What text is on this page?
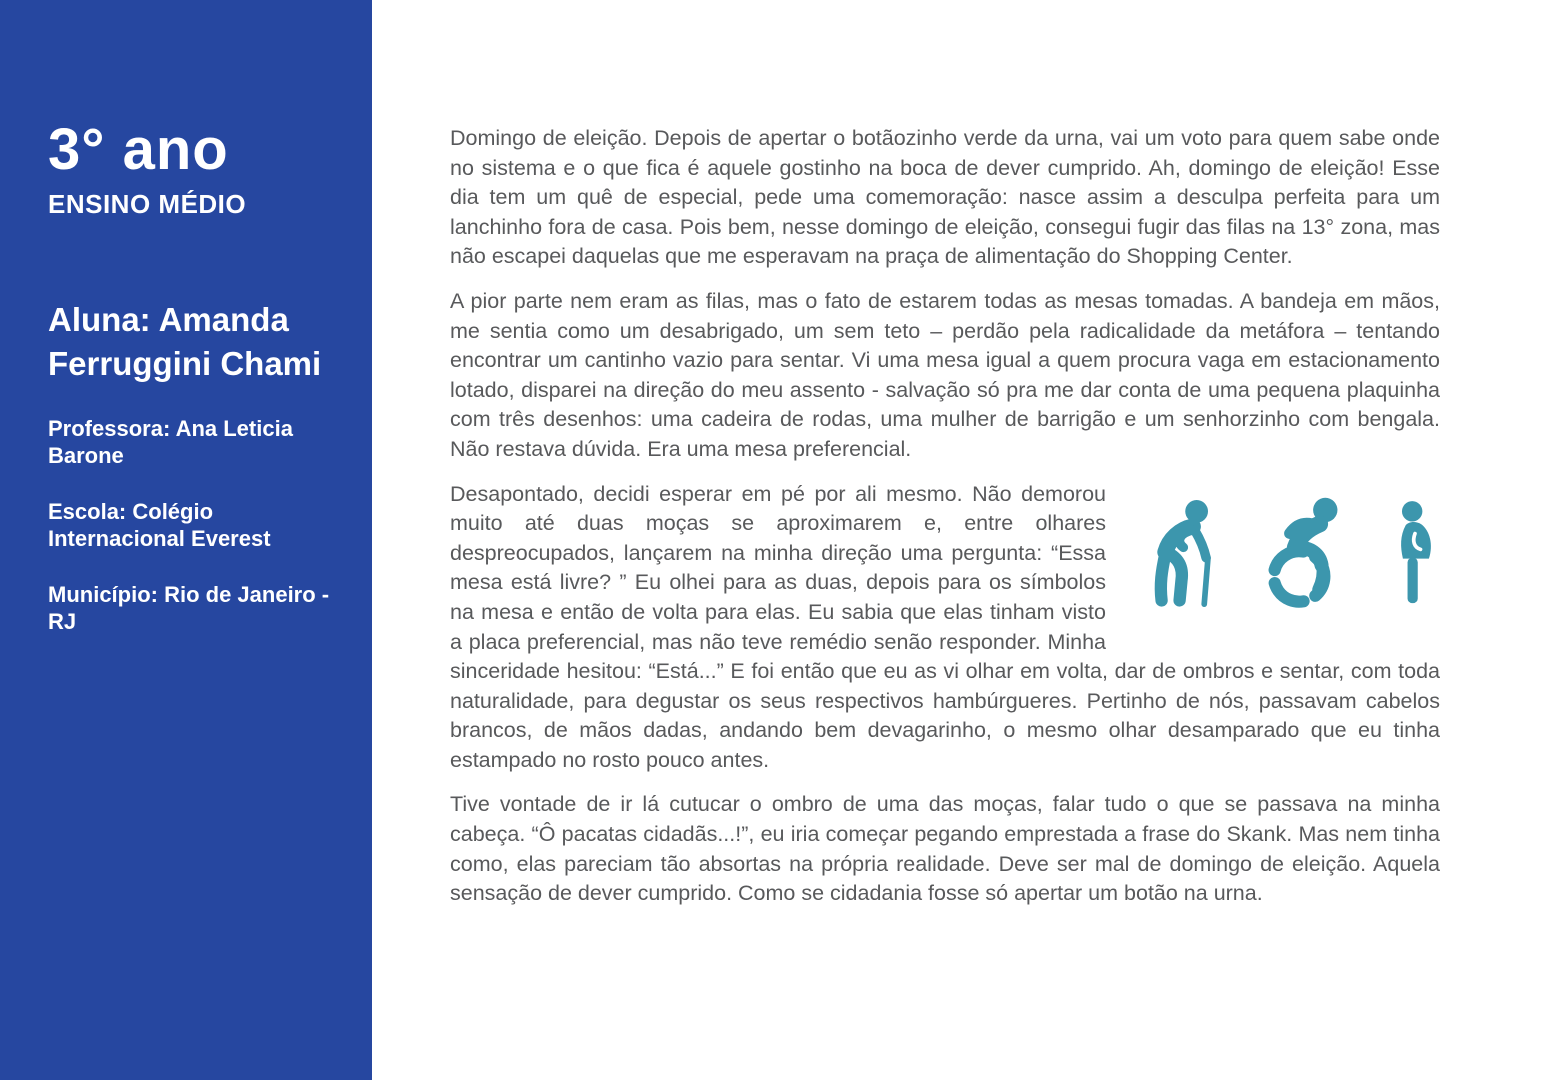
3° ano
ENSINO MÉDIO
Aluna: Amanda Ferruggini Chami
Professora: Ana Leticia Barone
Escola: Colégio Internacional Everest
Município: Rio de Janeiro - RJ

Domingo de eleição. Depois de apertar o botãozinho verde da urna, vai um voto para quem sabe onde no sistema e o que fica é aquele gostinho na boca de dever cumprido. Ah, domingo de eleição! Esse dia tem um quê de especial, pede uma comemoração: nasce assim a desculpa perfeita para um lanchinho fora de casa. Pois bem, nesse domingo de eleição, consegui fugir das filas na 13° zona, mas não escapei daquelas que me esperavam na praça de alimentação do Shopping Center.

A pior parte nem eram as filas, mas o fato de estarem todas as mesas tomadas. A bandeja em mãos, me sentia como um desabrigado, um sem teto – perdão pela radicalidade da metáfora – tentando encontrar um cantinho vazio para sentar. Vi uma mesa igual a quem procura vaga em estacionamento lotado, disparei na direção do meu assento - salvação só pra me dar conta de uma pequena plaquinha com três desenhos: uma cadeira de rodas, uma mulher de barrigão e um senhorzinho com bengala. Não restava dúvida. Era uma mesa preferencial.

Desapontado, decidi esperar em pé por ali mesmo. Não demorou muito até duas moças se aproximarem e, entre olhares despreocupados, lançarem na minha direção uma pergunta: “Essa mesa está livre? ” Eu olhei para as duas, depois para os símbolos na mesa e então de volta para elas. Eu sabia que elas tinham visto a placa preferencial, mas não teve remédio senão responder. Minha sinceridade hesitou: “Está...” E foi então que eu as vi olhar em volta, dar de ombros e sentar, com toda naturalidade, para degustar os seus respectivos hambúrgueres. Pertinho de nós, passavam cabelos brancos, de mãos dadas, andando bem devagarinho, o mesmo olhar desamparado que eu tinha estampado no rosto pouco antes.

Tive vontade de ir lá cutucar o ombro de uma das moças, falar tudo o que se passava na minha cabeça. “Ô pacatas cidadãs...!”, eu iria começar pegando emprestada a frase do Skank. Mas nem tinha como, elas pareciam tão absortas na própria realidade. Deve ser mal de domingo de eleição. Aquela sensação de dever cumprido. Como se cidadania fosse só apertar um botão na urna.
